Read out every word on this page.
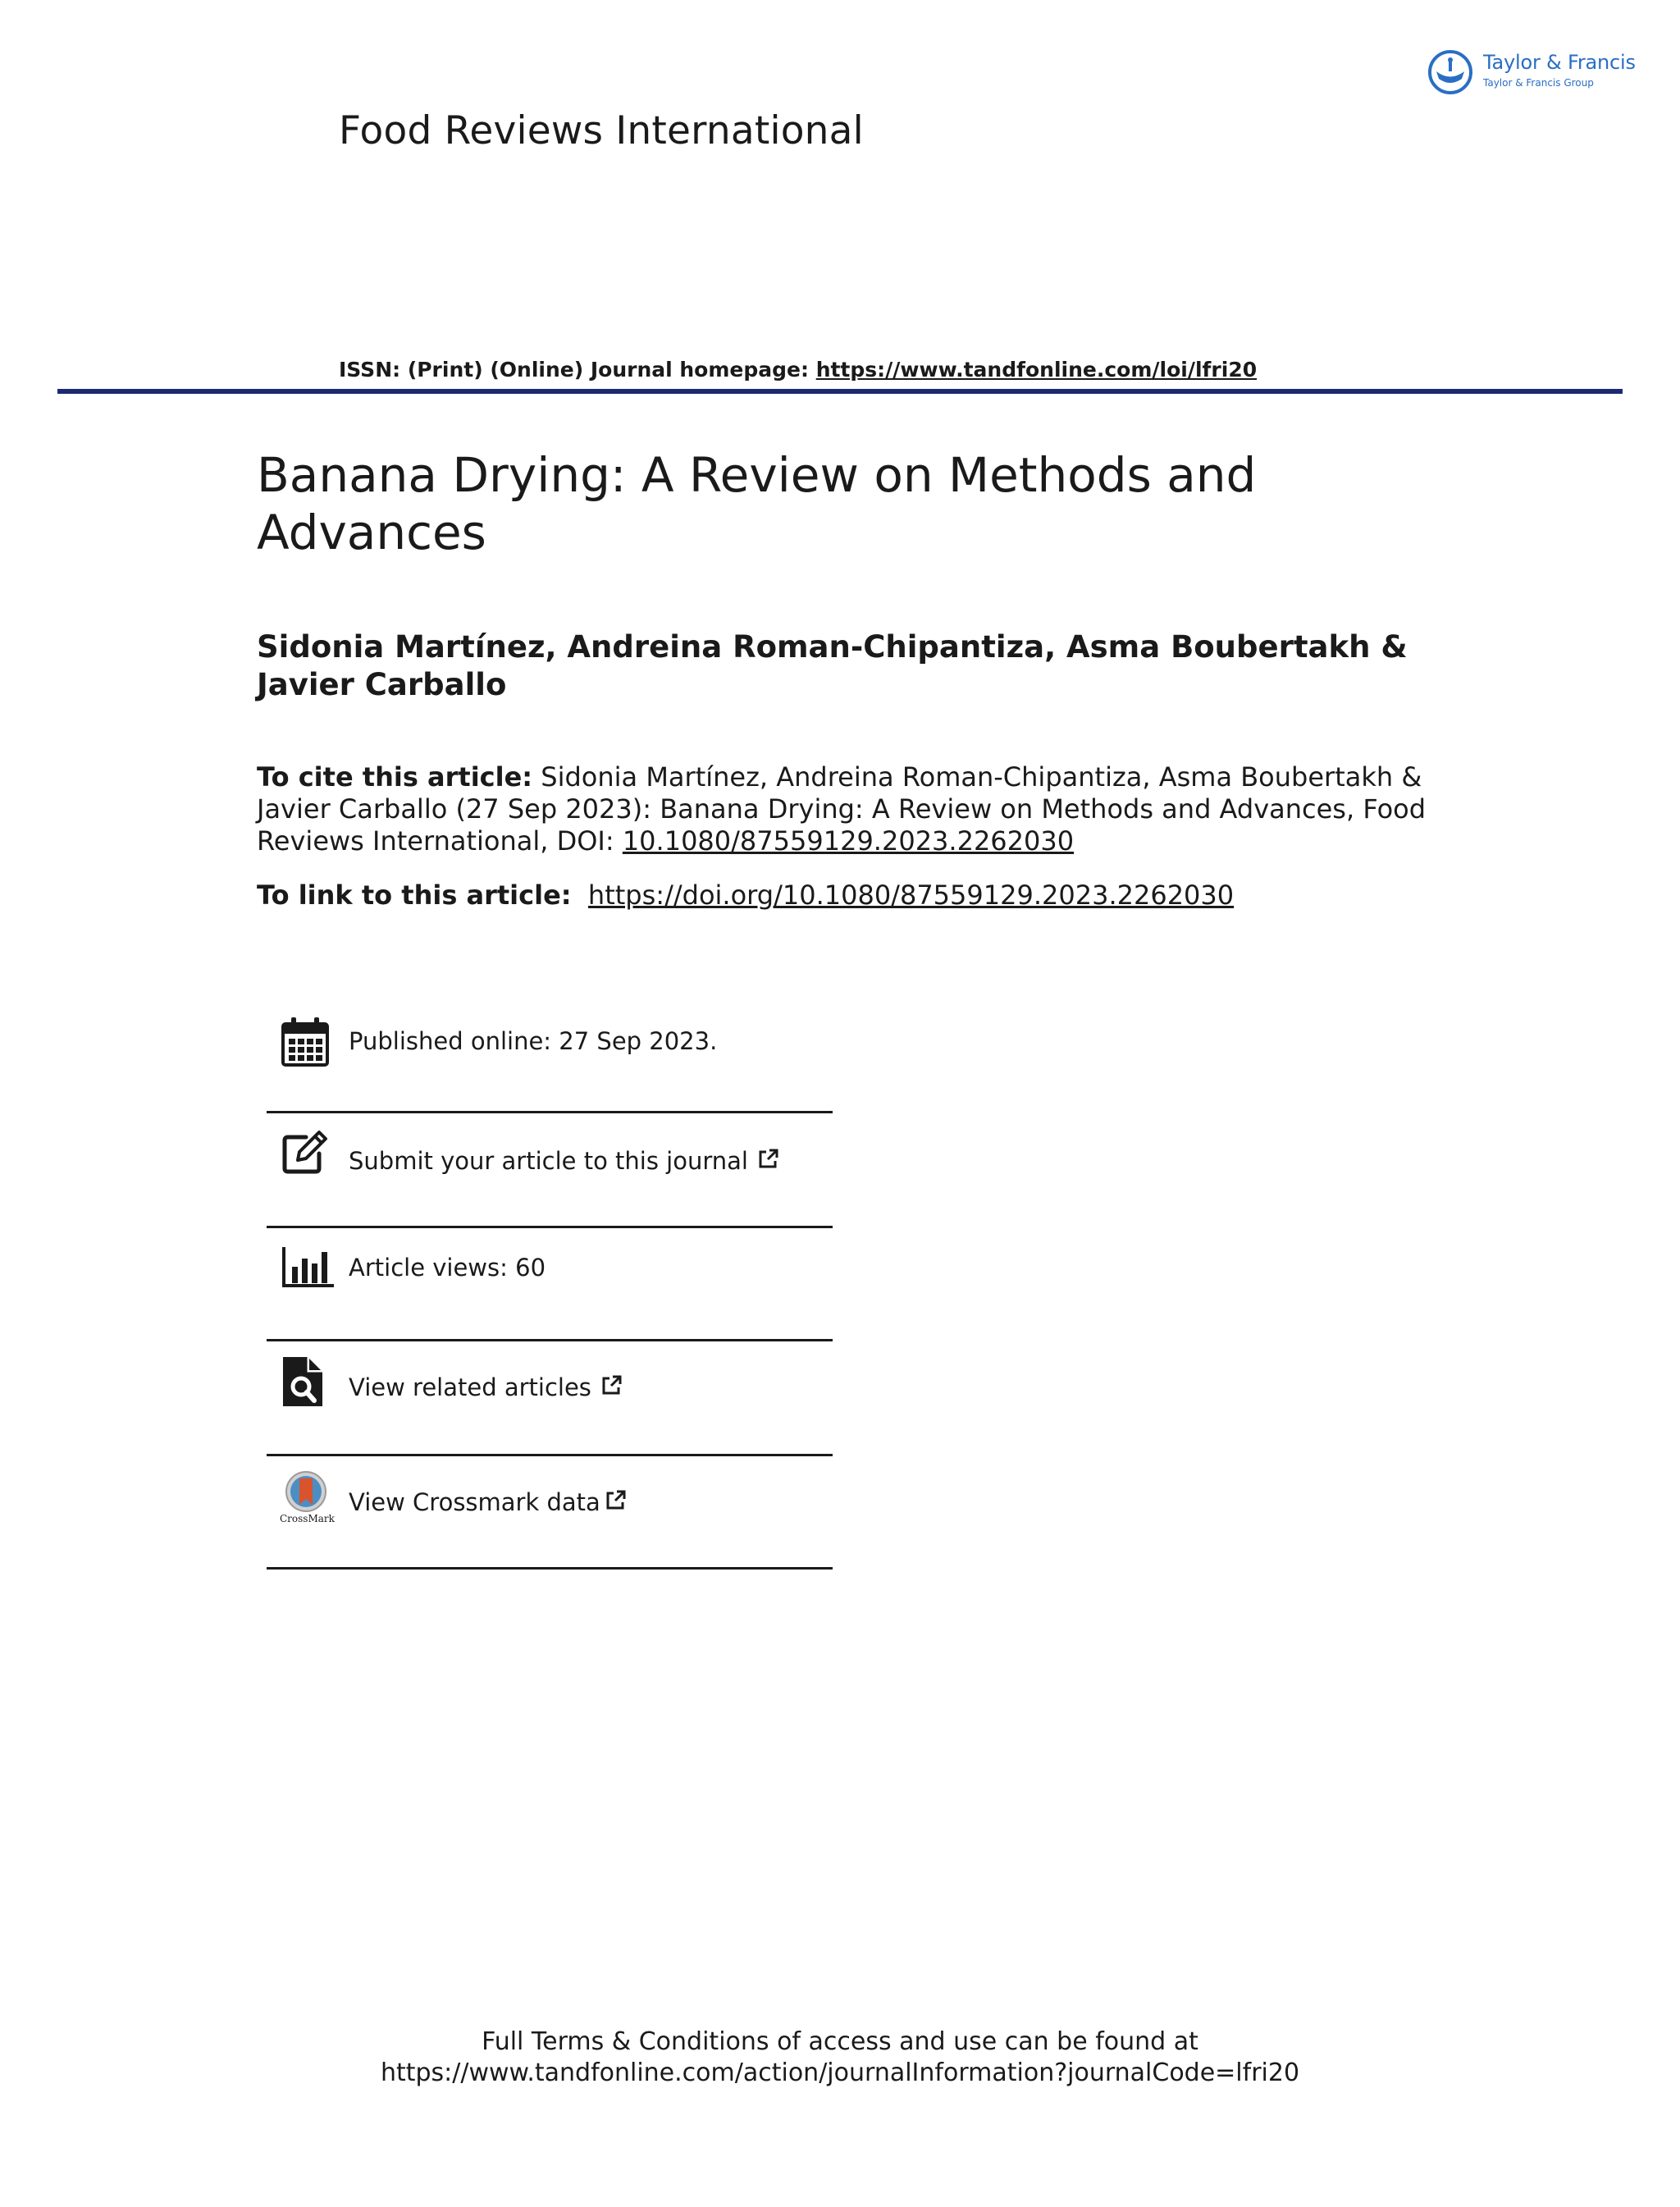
Taylor & Francis
Taylor & Francis Group
Food Reviews International
ISSN: (Print) (Online) Journal homepage: https://www.tandfonline.com/loi/lfri20
Banana Drying: A Review on Methods and Advances
Sidonia Martínez, Andreina Roman-Chipantiza, Asma Boubertakh & Javier Carballo
To cite this article: Sidonia Martínez, Andreina Roman-Chipantiza, Asma Boubertakh & Javier Carballo (27 Sep 2023): Banana Drying: A Review on Methods and Advances, Food Reviews International, DOI: 10.1080/87559129.2023.2262030
To link to this article: https://doi.org/10.1080/87559129.2023.2262030
Published online: 27 Sep 2023.
Submit your article to this journal
Article views: 60
View related articles
CrossMark
View Crossmark data
Full Terms & Conditions of access and use can be found at
https://www.tandfonline.com/action/journalInformation?journalCode=lfri20
